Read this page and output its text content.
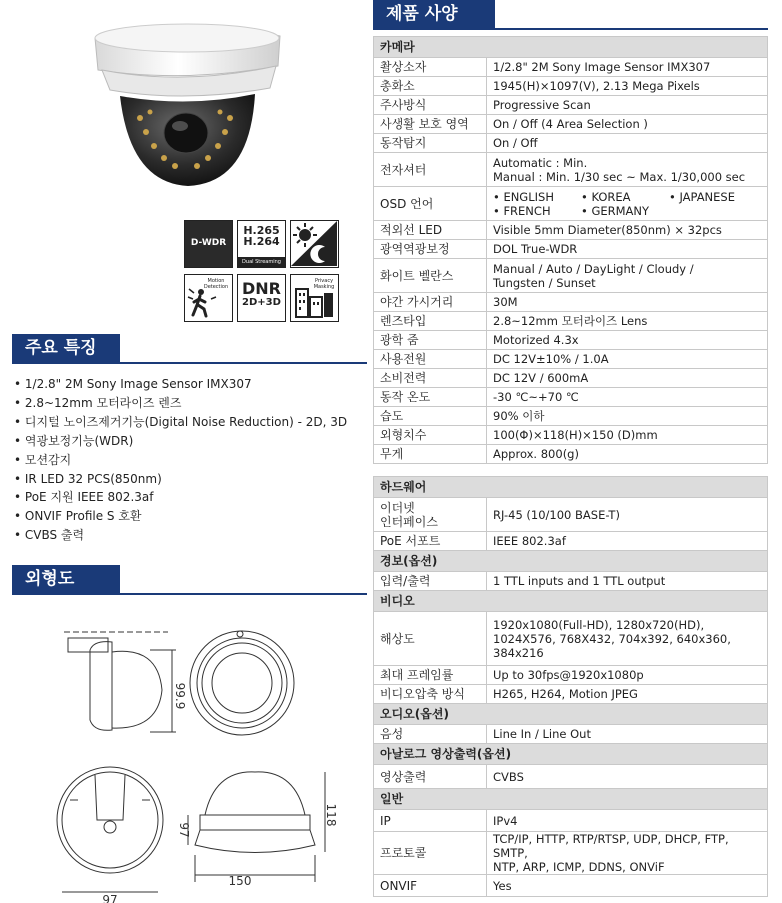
D-WDR
H.265
H.264
Dual Streaming
Motion Detection DNR
2D+3D
Privacy Masking
주요 특징
• 1/2.8" 2M Sony Image Sensor IMX307
• 2.8~12mm 모터라이즈 렌즈
• 디지털 노이즈제거기능(Digital Noise Reduction) - 2D, 3D
• 역광보정기능(WDR)
• 모션감지
• IR LED 32 PCS(850nm)
• PoE 지원 IEEE 802.3af
• ONVIF Profile S 호환
• CVBS 출력
외형도
99.9
118
97
150
97
제품 사양
카메라	
촬상소자	1/2.8" 2M Sony Image Sensor IMX307
총화소	1945(H)×1097(V), 2.13 Mega Pixels
주사방식	Progressive Scan
사생활 보호 영역	On / Off (4 Area Selection )
동작탐지	On / Off
전자셔터	Automatic : Min.
Manual : Min. 1/30 sec ~ Max. 1/30,000 sec

OSD 언어	• ENGLISH • KOREA • JAPANESE
• FRENCH • GERMANY

적외선 LED	Visible 5mm Diameter(850nm) × 32pcs
광역역광보정	DOL True-WDR
화이트 벨란스	Manual / Auto / DayLight / Cloudy /
Tungsten / Sunset

야간 가시거리	30M
렌즈타입	2.8~12mm 모터라이즈 Lens
광학 줌	Motorized 4.3x
사용전원	DC 12V±10% / 1.0A
소비전력	DC 12V / 600mA
동작 온도	-30 ℃~+70 ℃
습도	90% 이하
외형치수	100(Φ)×118(H)×150 (D)mm
무게	Approx. 800(g)

하드웨어	

이더넷
인터페이스	RJ-45 (10/100 BASE-T)
PoE 서포트	IEEE 802.3af
경보(옵션)	
입력/출력	1 TTL inputs and 1 TTL output
비디오	
해상도	1920x1080(Full-HD), 1280x720(HD),
1024X576, 768X432, 704x392, 640x360,
384x216

최대 프레임률	Up to 30fps@1920x1080p
비디오압축 방식	H265, H264, Motion JPEG
오디오(옵션)	
음성	Line In / Line Out
아날로그 영상출력(옵션)	
영상출력	CVBS
일반	
IP	IPv4
프로토콜	TCP/IP, HTTP, RTP/RTSP, UDP, DHCP, FTP, SMTP,
NTP, ARP, ICMP, DDNS, ONViF

ONVIF	Yes
